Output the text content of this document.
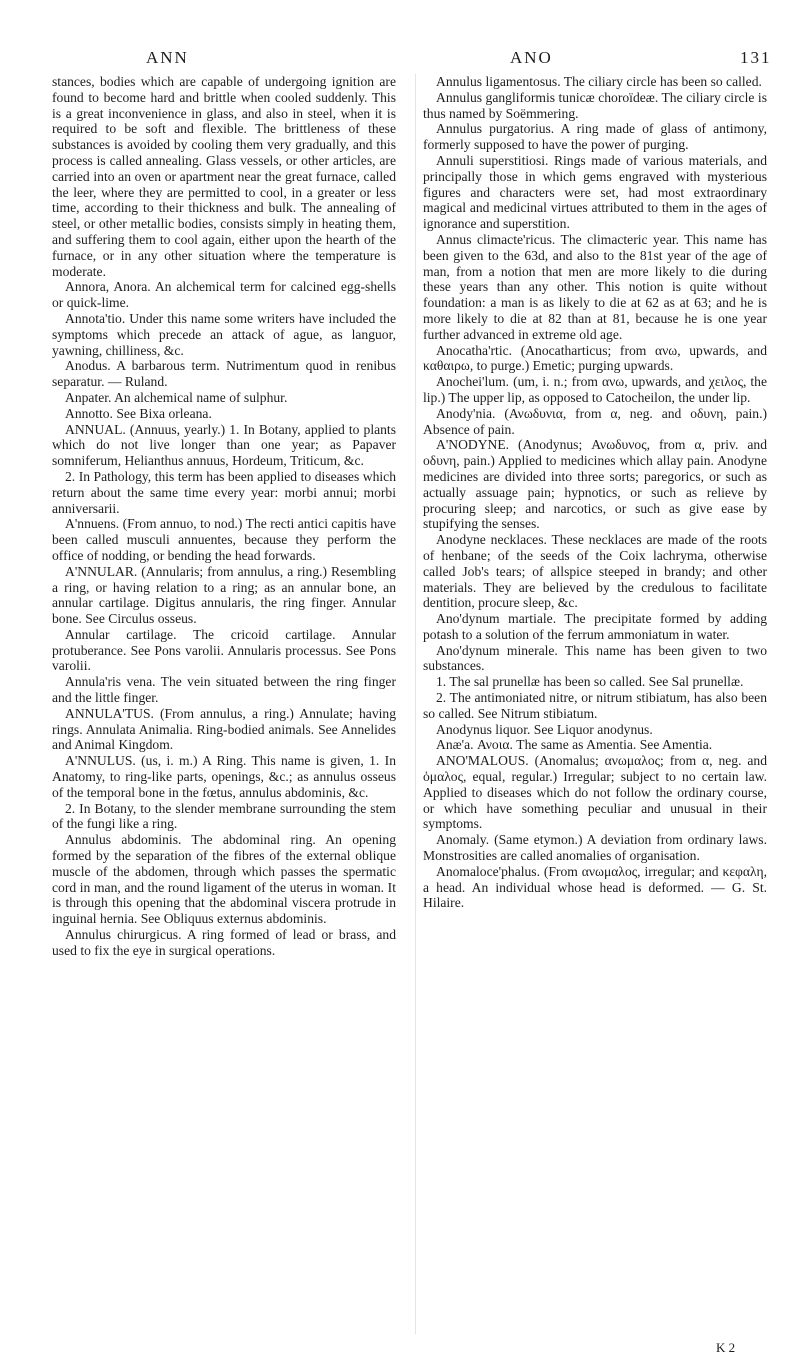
ANN	ANO	131

stances, bodies which are capable of undergoing ignition are found to become hard and brittle when cooled suddenly. This is a great inconvenience in glass, and also in steel, when it is required to be soft and flexible. The brittleness of these substances is avoided by cooling them very gradually, and this process is called annealing. Glass vessels, or other articles, are carried into an oven or apartment near the great furnace, called the leer, where they are permitted to cool, in a greater or less time, according to their thickness and bulk. The annealing of steel, or other metallic bodies, consists simply in heating them, and suffering them to cool again, either upon the hearth of the furnace, or in any other situation where the temperature is moderate.

Annora, Anora. An alchemical term for calcined egg-shells or quick-lime.

Annota'tio. Under this name some writers have included the symptoms which precede an attack of ague, as languor, yawning, chilliness, &c.

Anodus. A barbarous term. Nutrimentum quod in renibus separatur. — Ruland.

Anpater. An alchemical name of sulphur.

Annotto. See Bixa orleana.

ANNUAL. (Annuus, yearly.) 1. In Botany, applied to plants which do not live longer than one year; as Papaver somniferum, Helianthus annuus, Hordeum, Triticum, &c.

2. In Pathology, this term has been applied to diseases which return about the same time every year: morbi annui; morbi anniversarii.

A'nnuens. (From annuo, to nod.) The recti antici capitis have been called musculi annuentes, because they perform the office of nodding, or bending the head forwards.

A'NNULAR. (Annularis; from annulus, a ring.) Resembling a ring, or having relation to a ring; as an annular bone, an annular cartilage. Digitus annularis, the ring finger. Annular bone. See Circulus osseus.

Annular cartilage. The cricoid cartilage. Annular protuberance. See Pons varolii. Annularis processus. See Pons varolii.

Annula'ris vena. The vein situated between the ring finger and the little finger.

ANNULA'TUS. (From annulus, a ring.) Annulate; having rings. Annulata Animalia. Ring-bodied animals. See Annelides and Animal Kingdom.

A'NNULUS. (us, i. m.) A Ring. This name is given, 1. In Anatomy, to ring-like parts, openings, &c.; as annulus osseus of the temporal bone in the fœtus, annulus abdominis, &c.

2. In Botany, to the slender membrane surrounding the stem of the fungi like a ring.

Annulus abdominis. The abdominal ring. An opening formed by the separation of the fibres of the external oblique muscle of the abdomen, through which passes the spermatic cord in man, and the round ligament of the uterus in woman. It is through this opening that the abdominal viscera protrude in inguinal hernia. See Obliquus externus abdominis.

Annulus chirurgicus. A ring formed of lead or brass, and used to fix the eye in surgical operations.

Annulus ligamentosus. The ciliary circle has been so called.

Annulus gangliformis tunicæ choroïdeæ. The ciliary circle is thus named by Soëmmering.

Annulus purgatorius. A ring made of glass of antimony, formerly supposed to have the power of purging.

Annuli superstitiosi. Rings made of various materials, and principally those in which gems engraved with mysterious figures and characters were set, had most extraordinary magical and medicinal virtues attributed to them in the ages of ignorance and superstition.

Annus climacte'ricus. The climacteric year. This name has been given to the 63d, and also to the 81st year of the age of man, from a notion that men are more likely to die during these years than any other. This notion is quite without foundation: a man is as likely to die at 62 as at 63; and he is more likely to die at 82 than at 81, because he is one year further advanced in extreme old age.

Anocatha'rtic. (Anocatharticus; from ανω, upwards, and καθαιρω, to purge.) Emetic; purging upwards.

Anochei'lum. (um, i. n.; from ανω, upwards, and χειλος, the lip.) The upper lip, as opposed to Catocheilon, the under lip.

Anody'nia. (Ανωδυνια, from α, neg. and οδυνη, pain.) Absence of pain.

A'NODYNE. (Anodynus; Ανωδυνος, from α, priv. and οδυνη, pain.) Applied to medicines which allay pain. Anodyne medicines are divided into three sorts; paregorics, or such as actually assuage pain; hypnotics, or such as relieve by procuring sleep; and narcotics, or such as give ease by stupifying the senses.

Anodyne necklaces. These necklaces are made of the roots of henbane; of the seeds of the Coix lachryma, otherwise called Job's tears; of allspice steeped in brandy; and other materials. They are believed by the credulous to facilitate dentition, procure sleep, &c.

Ano'dynum martiale. The precipitate formed by adding potash to a solution of the ferrum ammoniatum in water.

Ano'dynum minerale. This name has been given to two substances.

1. The sal prunellæ has been so called. See Sal prunellæ.

2. The antimoniated nitre, or nitrum stibiatum, has also been so called. See Nitrum stibiatum.

Anodynus liquor. See Liquor anodynus.

Anæ'a. Ανοια. The same as Amentia. See Amentia.

ANO'MALOUS. (Anomalus; ανωμαλος; from α, neg. and ὁμαλος, equal, regular.) Irregular; subject to no certain law. Applied to diseases which do not follow the ordinary course, or which have something peculiar and unusual in their symptoms.

Anomaly. (Same etymon.) A deviation from ordinary laws. Monstrosities are called anomalies of organisation.

Anomaloce'phalus. (From ανωμαλος, irregular; and κεφαλη, a head. An individual whose head is deformed. — G. St. Hilaire.

K 2
